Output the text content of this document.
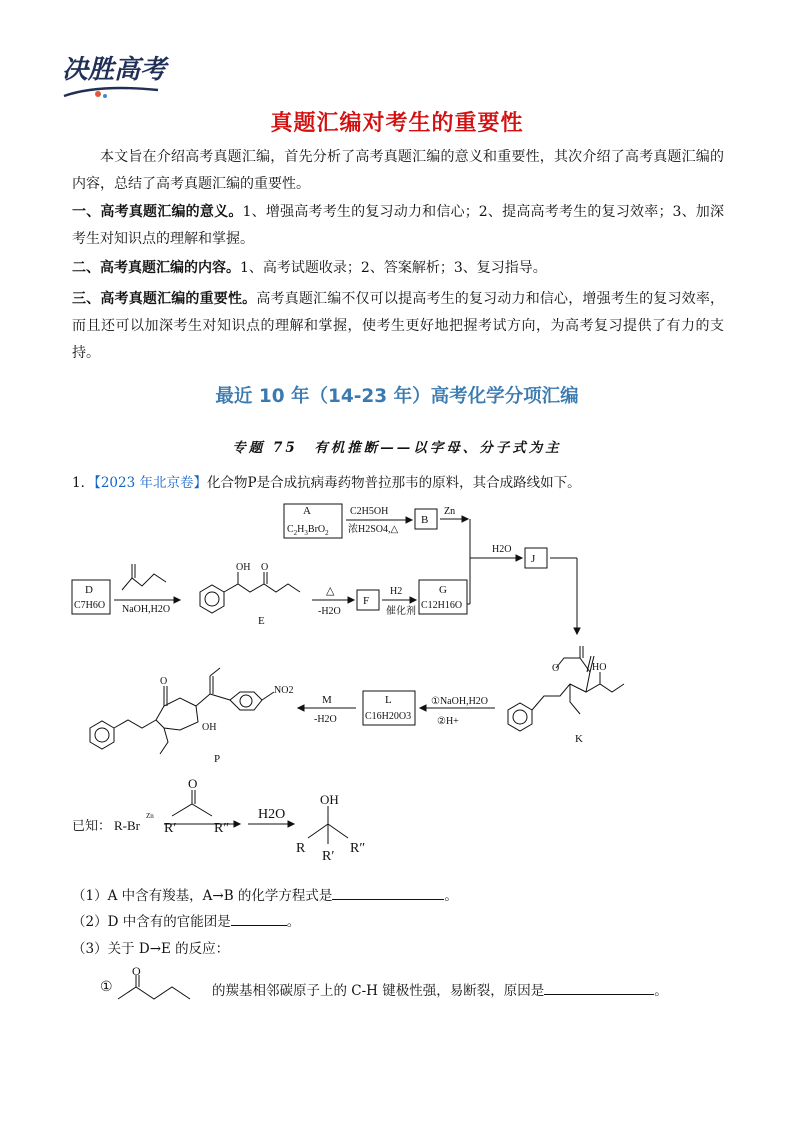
决胜高考
真题汇编对考生的重要性
本文旨在介绍高考真题汇编，首先分析了高考真题汇编的意义和重要性，其次介绍了高考真题汇编的内容，总结了高考真题汇编的重要性。
一、高考真题汇编的意义。1、增强高考考生的复习动力和信心；2、提高高考考生的复习效率；3、加深考生对知识点的理解和掌握。
二、高考真题汇编的内容。1、高考试题收录；2、答案解析；3、复习指导。
三、高考真题汇编的重要性。高考真题汇编不仅可以提高考生的复习动力和信心，增强考生的复习效率，而且还可以加深考生对知识点的理解和掌握，使考生更好地把握考试方向，为高考复习提供了有力的支持。
最近 10 年（14-23 年）高考化学分项汇编
专题 75　有机推断——以字母、分子式为主
1．【2023 年北京卷】化合物P是合成抗病毒药物普拉那韦的原料，其合成路线如下。
A
$C_2H_3BrO_2$
C2H5OH
浓H2SO4,△
B
Zn
H2O
J
D
C7H6O NaOH,H2O
OH O
E
△
-H2O
F
H2
催化剂
G
C12H16O
O	HO
K
①NaOH,H2O
②H+
L
C16H20O3
M
-H2O
O
NO2
OH
P
已知： R-Br
Zn
O
R′	R″
H2O
OH
R
R′
R″
（1）A 中含有羧基，A→B 的化学方程式是	。
（2）D 中含有的官能团是	。
（3）关于 D→E 的反应：
①
O
的羰基相邻碳原子上的 C-H 键极性强，易断裂，原因是	。
